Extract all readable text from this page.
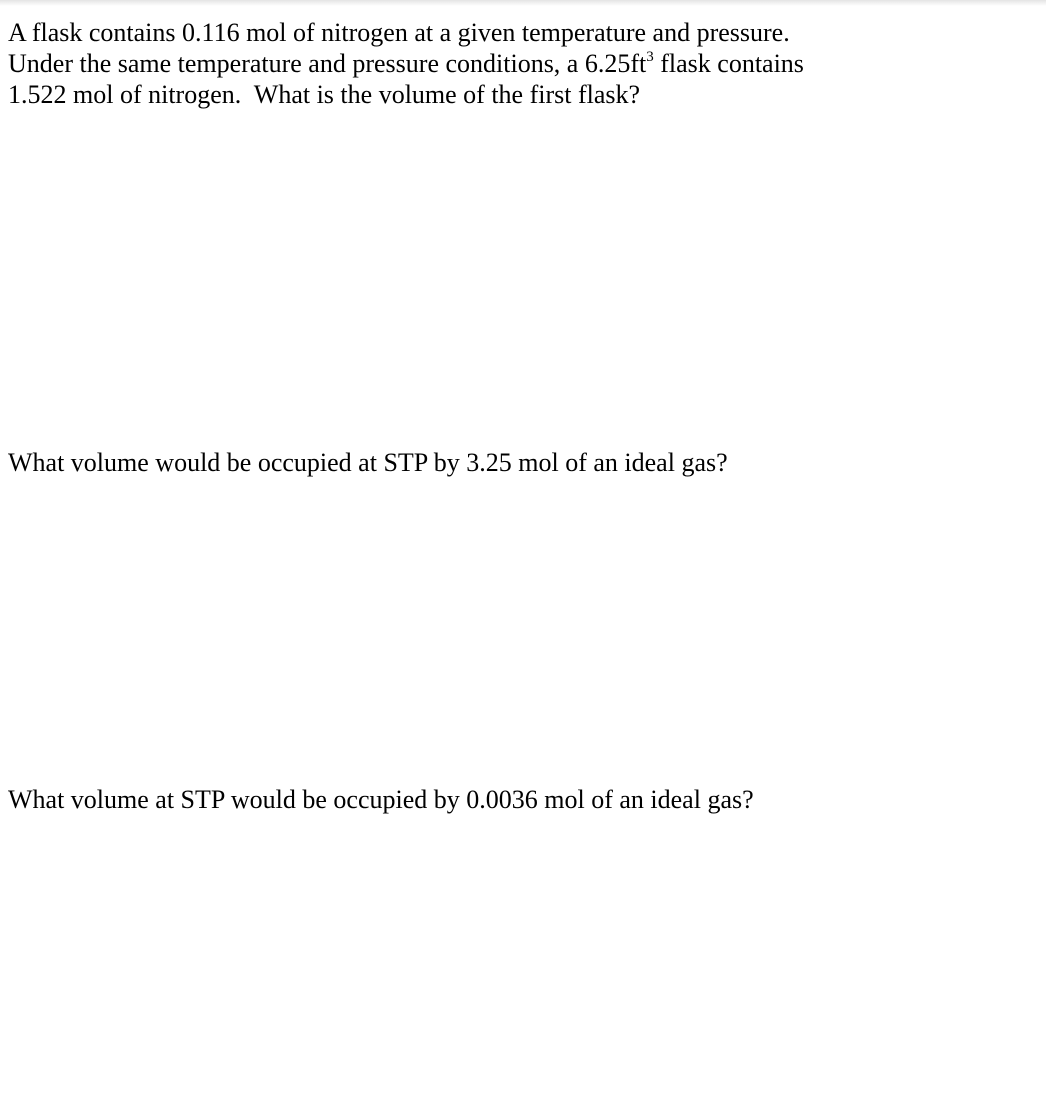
A flask contains 0.116 mol of nitrogen at a given temperature and pressure.
Under the same temperature and pressure conditions, a $6.25ft^3$ flask contains
1.522 mol of nitrogen.  What is the volume of the first flask?

What volume would be occupied at STP by 3.25 mol of an ideal gas?

What volume at STP would be occupied by 0.0036 mol of an ideal gas?
